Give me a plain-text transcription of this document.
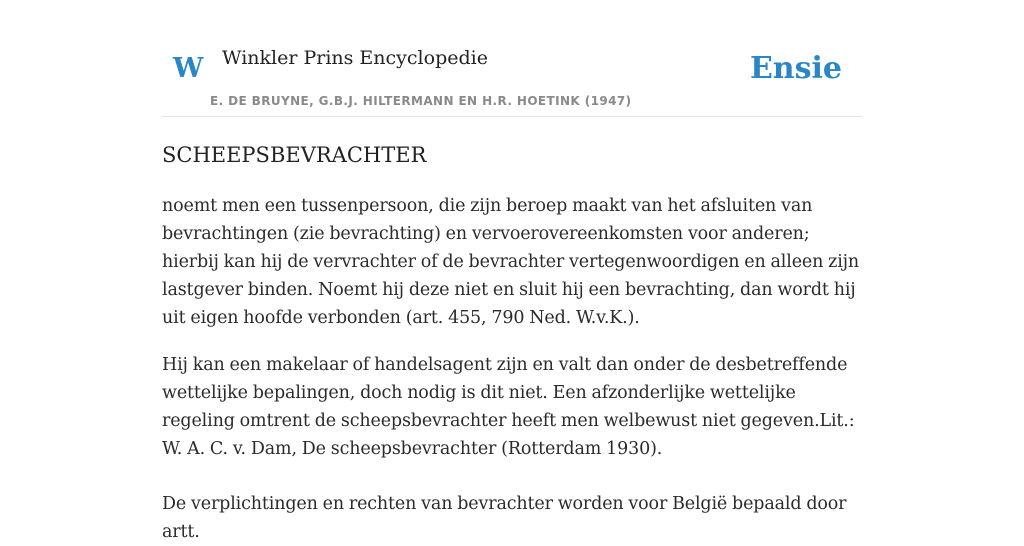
W Winkler Prins Encyclopedie
E. DE BRUYNE, G.B.J. HILTERMANN EN H.R. HOETINK (1947)
Ensie
SCHEEPSBEVRACHTER

noemt men een tussenpersoon, die zijn beroep maakt van het afsluiten van bevrachtingen (zie bevrachting) en vervoerovereenkomsten voor anderen; hierbij kan hij de vervrachter of de bevrachter vertegenwoordigen en alleen zijn lastgever binden. Noemt hij deze niet en sluit hij een bevrachting, dan wordt hij uit eigen hoofde verbonden (art. 455, 790 Ned. W.v.K.).

Hij kan een makelaar of handelsagent zijn en valt dan onder de desbetreffende wettelijke bepalingen, doch nodig is dit niet. Een afzonderlijke wettelijke regeling omtrent de scheepsbevrachter heeft men welbewust niet gegeven.Lit.: W. A. C. v. Dam, De scheepsbevrachter (Rotterdam 1930).

De verplichtingen en rechten van bevrachter worden voor België bepaald door artt.
